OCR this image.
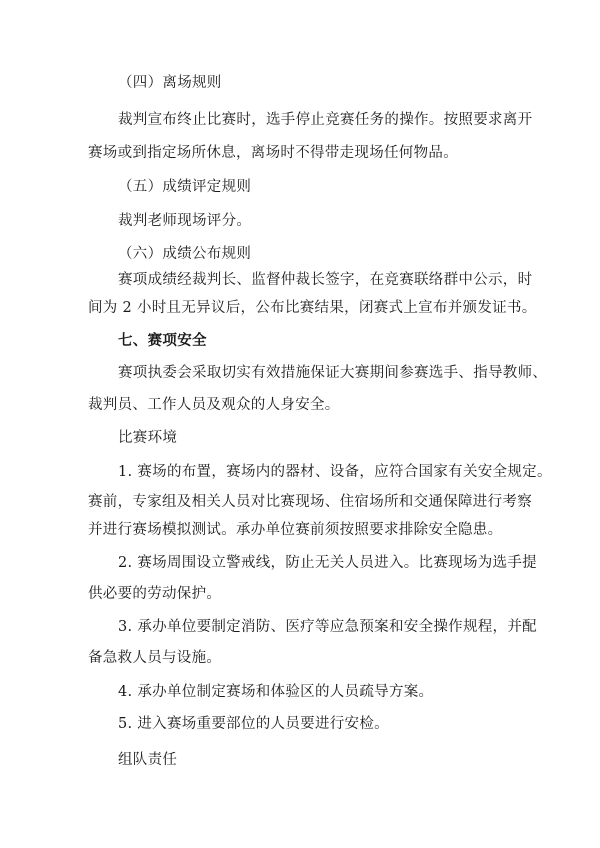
（四）离场规则
裁判宣布终止比赛时，选手停止竞赛任务的操作。按照要求离开
赛场或到指定场所休息，离场时不得带走现场任何物品。
（五）成绩评定规则
裁判老师现场评分。
（六）成绩公布规则
赛项成绩经裁判长、监督仲裁长签字，在竞赛联络群中公示，时
间为 2 小时且无异议后，公布比赛结果，闭赛式上宣布并颁发证书。
七、赛项安全
赛项执委会采取切实有效措施保证大赛期间参赛选手、指导教师、
裁判员、工作人员及观众的人身安全。
比赛环境
1. 赛场的布置，赛场内的器材、设备，应符合国家有关安全规定。
赛前，专家组及相关人员对比赛现场、住宿场所和交通保障进行考察
并进行赛场模拟测试。承办单位赛前须按照要求排除安全隐患。
2. 赛场周围设立警戒线，防止无关人员进入。比赛现场为选手提
供必要的劳动保护。
3. 承办单位要制定消防、医疗等应急预案和安全操作规程，并配
备急救人员与设施。
4. 承办单位制定赛场和体验区的人员疏导方案。
5. 进入赛场重要部位的人员要进行安检。
组队责任
